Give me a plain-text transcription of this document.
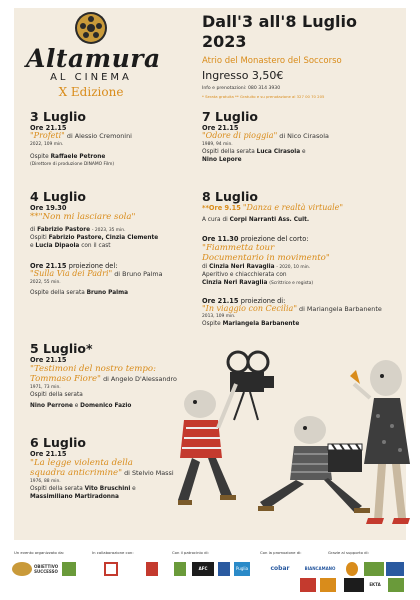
Altamura
AL CINEMA
X Edizione
Dall'3 all'8 Luglio 2023
Atrio del Monastero del Soccorso
Ingresso 3,50€
Info e prenotazioni: 080 314 3930
* Serata gratuita ** Gratuito e su prenotazione al 327 00 70 205
3 Luglio
Ore 21.15
"Profeti" di Alessio Cremonini
2022, 109 min.
Ospite Raffaele Petrone
(Direttore di produzione DINAMO Film)
4 Luglio
Ore 19.30
**"Non mi lasciare sola"
di Fabrizio Pastore - 2023, 35 min.
Ospiti Fabrizio Pastore, Cinzia Clemente
e Lucia Dipaola con il cast
Ore 21.15 proiezione del:
"Sulla Via dei Padri" di Bruno Palma
2022, 55 min.
Ospite della serata Bruno Palma
5 Luglio*
Ore 21.15
"Testimoni del nostro tempo:
Tommaso Fiore" di Angelo D'Alessandro
1971, 73 min.
Ospiti della serata
Nino Perrone e Domenico Fazio
6 Luglio
Ore 21.15
"La legge violenta della
squadra anticrimine" di Stelvio Massi
1976, 88 min.
Ospiti della serata Vito Bruschini e
Massimiliano Martiradonna
7 Luglio
Ore 21.15
"Odore di pioggia" di Nico Cirasola
1989, 94 min.
Ospiti della serata Luca Cirasola e
Nino Lepore
8 Luglio
**Ore 9.15 "Danza e realtà virtuale"
A cura di Corpi Narranti Ass. Cult.
Ore 11.30 proiezione del corto:
"Fiammetta tour
Documentario in movimento"
di Cinzia Neri Ravaglia - 2020, 10 min.
Aperitivo e chiacchierata con
Cinzia Neri Ravaglia (Scrittrice e regista)
Ore 21.15 proiezione di:
"In viaggio con Cecilia" di Mariangela Barbanente
2013, 109 min.
Ospite Mariangela Barbanente
Un evento organizzato da:	In collaborazione con:	Con il patrocinio di:	Con la promozione di:	Grazie al supporto di:
OBIETTIVO SUCCESSO
AFC	Puglia	cobar	BIANCAMANO
EKTA
